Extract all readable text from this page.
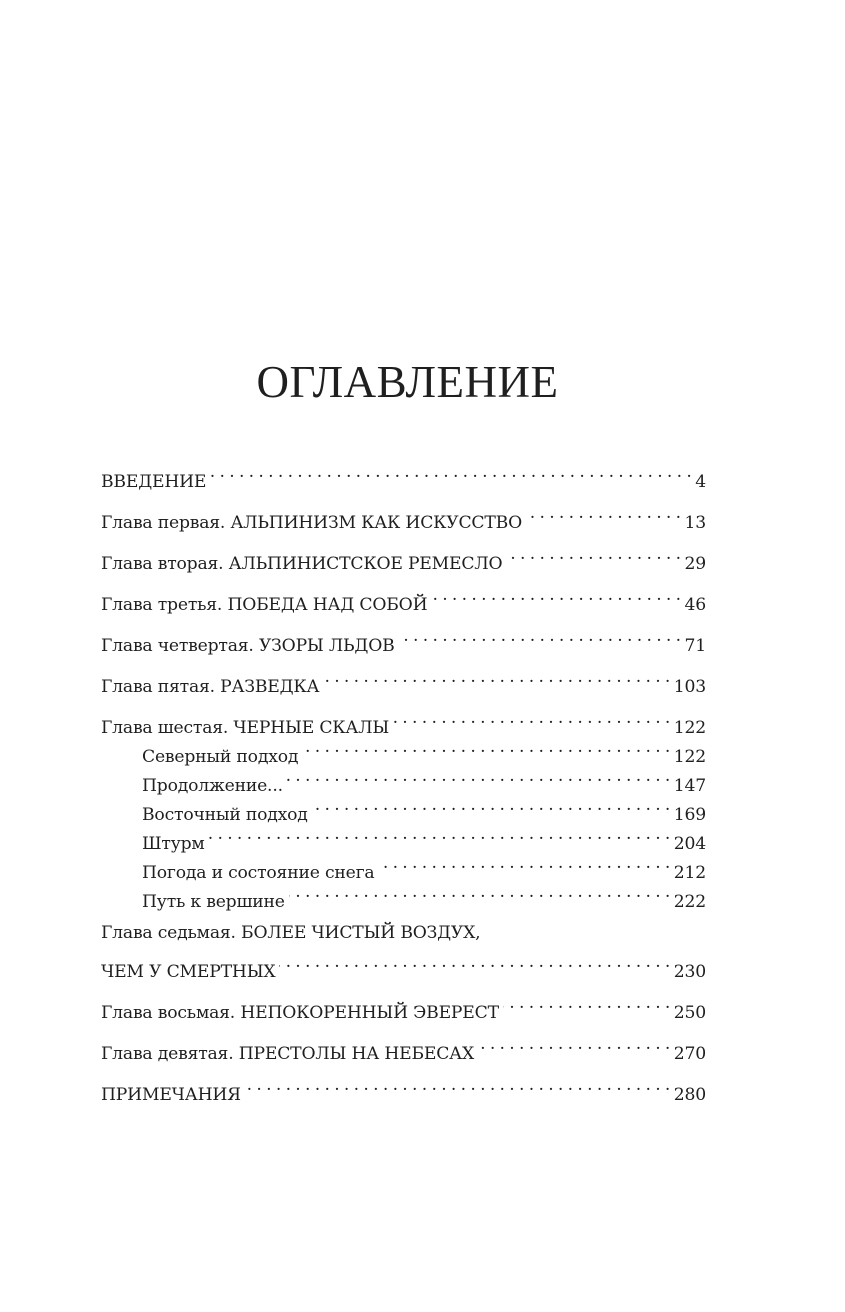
ОГЛАВЛЕНИЕ
ВВЕДЕНИЕ . . .	4
Глава первая. АЛЬПИНИЗМ КАК ИСКУССТВО . . .	13
Глава вторая. АЛЬПИНИСТСКОЕ РЕМЕСЛО . . .	29
Глава третья. ПОБЕДА НАД СОБОЙ . . .	46
Глава четвертая. УЗОРЫ ЛЬДОВ . . .	71
Глава пятая. РАЗВЕДКА . . .	103
Глава шестая. ЧЕРНЫЕ СКАЛЫ . . .	122
Северный подход . . .	122
Продолжение... . . .	147
Восточный подход . . .	169
Штурм . . .	204
Погода и состояние снега . . .	212
Путь к вершине . . .	222
Глава седьмая. БОЛЕЕ ЧИСТЫЙ ВОЗДУХ,
ЧЕМ У СМЕРТНЫХ . . .	230
Глава восьмая. НЕПОКОРЕННЫЙ ЭВЕРЕСТ . . .	250
Глава девятая. ПРЕСТОЛЫ НА НЕБЕСАХ . . .	270
ПРИМЕЧАНИЯ . . .	280
